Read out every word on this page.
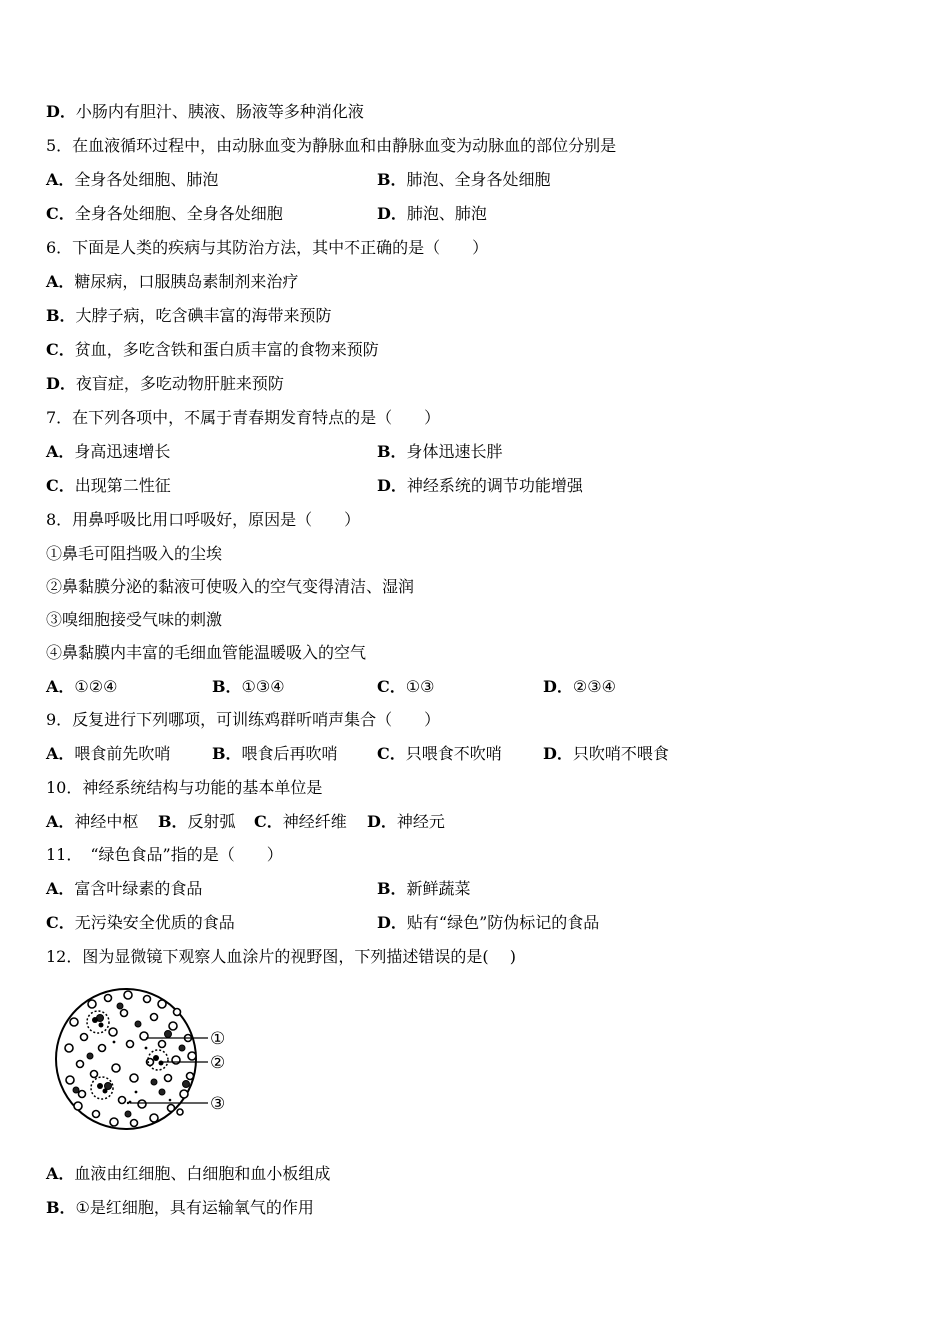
D．小肠内有胆汁、胰液、肠液等多种消化液
5．在血液循环过程中，由动脉血变为静脉血和由静脉血变为动脉血的部位分别是
A．全身各处细胞、肺泡	B．肺泡、全身各处细胞
C．全身各处细胞、全身各处细胞	D．肺泡、肺泡
6．下面是人类的疾病与其防治方法，其中不正确的是（　　）
A．糖尿病，口服胰岛素制剂来治疗
B．大脖子病，吃含碘丰富的海带来预防
C．贫血，多吃含铁和蛋白质丰富的食物来预防
D．夜盲症，多吃动物肝脏来预防
7．在下列各项中，不属于青春期发育特点的是（　　）
A．身高迅速增长	B．身体迅速长胖
C．出现第二性征	D．神经系统的调节功能增强
8．用鼻呼吸比用口呼吸好，原因是（　　）
①鼻毛可阻挡吸入的尘埃
②鼻黏膜分泌的黏液可使吸入的空气变得清洁、湿润
③嗅细胞接受气味的刺激
④鼻黏膜内丰富的毛细血管能温暖吸入的空气
A．①②④	B．①③④	C．①③	D．②③④
9．反复进行下列哪项，可训练鸡群听哨声集合（　　）
A．喂食前先吹哨	B．喂食后再吹哨 C．只喂食不吹哨	D．只吹哨不喂食
10．神经系统结构与功能的基本单位是
A．神经中枢 B．反射弧 C．神经纤维 D．神经元
11．　“绿色食品”指的是（　　）
A．富含叶绿素的食品	B．新鲜蔬菜
C．无污染安全优质的食品	D．贴有“绿色”防伪标记的食品
12．图为显微镜下观察人血涂片的视野图，下列描述错误的是(　 )
①
②
③
A．血液由红细胞、白细胞和血小板组成
B．①是红细胞，具有运输氧气的作用
